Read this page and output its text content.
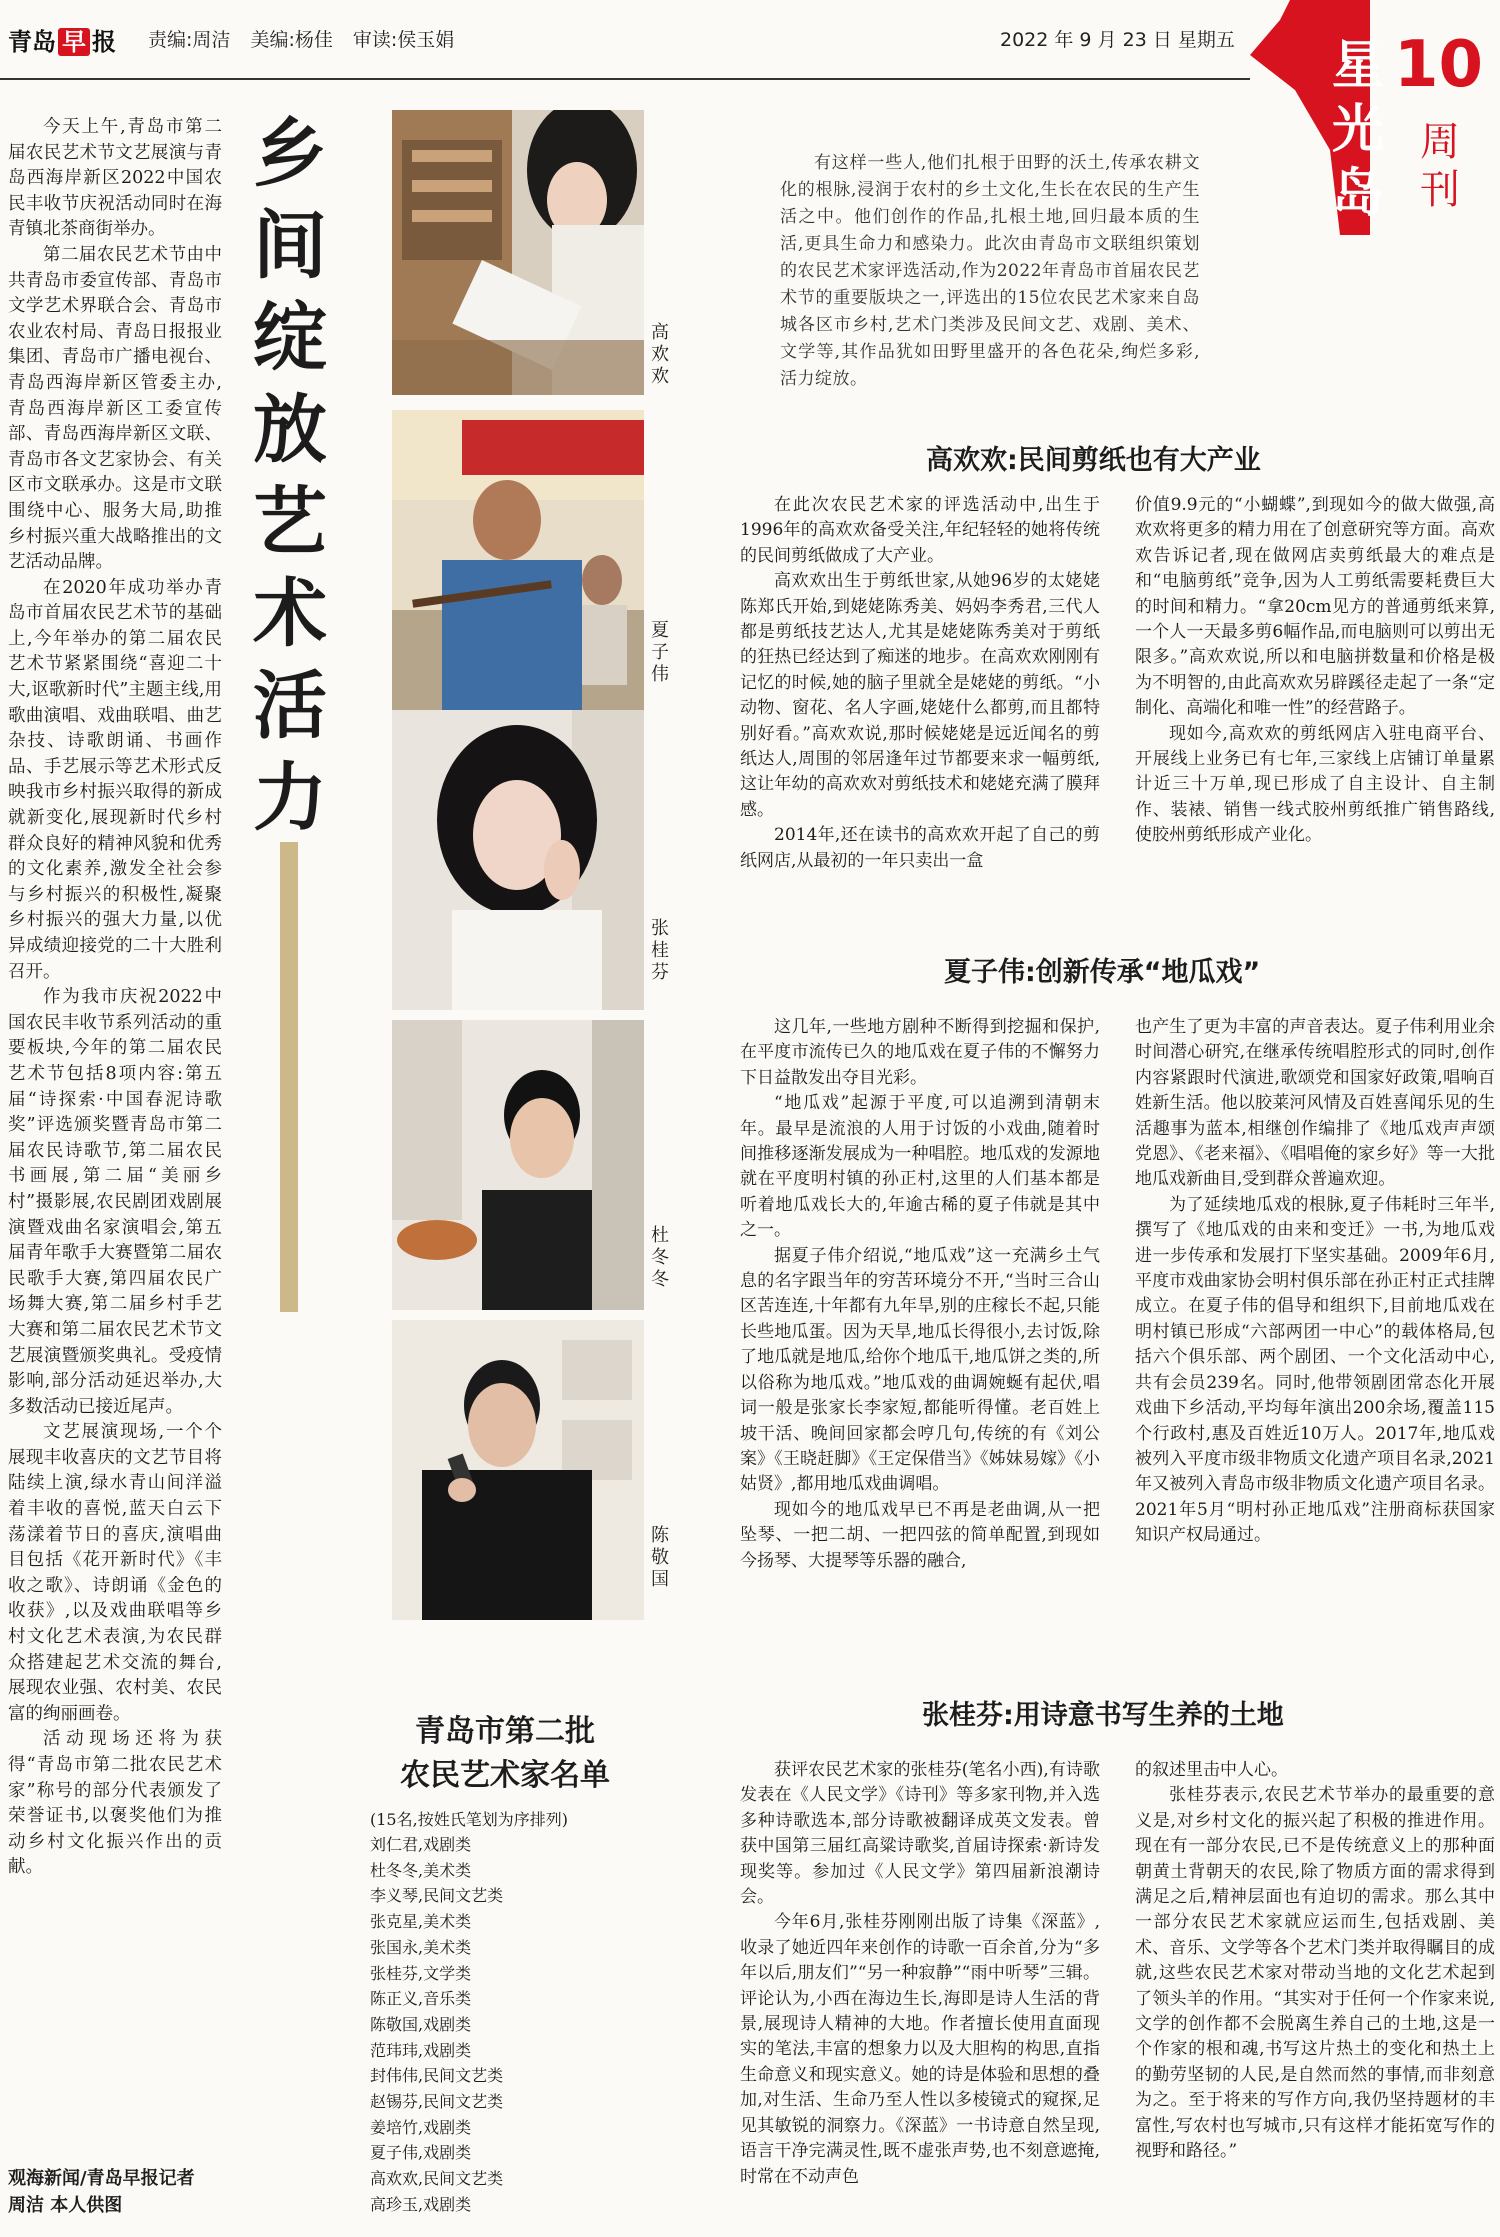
青岛 早 报 责编:周洁 美编:杨佳 审读:侯玉娟	2022 年 9 月 23 日 星期五 星光岛
10
周刊

今天上午,青岛市第二届农民艺术节文艺展演与青岛西海岸新区2022中国农民丰收节庆祝活动同时在海青镇北茶商街举办。

第二届农民艺术节由中共青岛市委宣传部、青岛市文学艺术界联合会、青岛市农业农村局、青岛日报报业集团、青岛市广播电视台、青岛西海岸新区管委主办,青岛西海岸新区工委宣传部、青岛西海岸新区文联、青岛市各文艺家协会、有关区市文联承办。这是市文联围绕中心、服务大局,助推乡村振兴重大战略推出的文艺活动品牌。

在2020年成功举办青岛市首届农民艺术节的基础上,今年举办的第二届农民艺术节紧紧围绕“喜迎二十大,讴歌新时代”主题主线,用歌曲演唱、戏曲联唱、曲艺杂技、诗歌朗诵、书画作品、手艺展示等艺术形式反映我市乡村振兴取得的新成就新变化,展现新时代乡村群众良好的精神风貌和优秀的文化素养,激发全社会参与乡村振兴的积极性,凝聚乡村振兴的强大力量,以优异成绩迎接党的二十大胜利召开。

作为我市庆祝2022中国农民丰收节系列活动的重要板块,今年的第二届农民艺术节包括8项内容:第五届“诗探索·中国春泥诗歌奖”评选颁奖暨青岛市第二届农民诗歌节,第二届农民书画展,第二届“美丽乡村”摄影展,农民剧团戏剧展演暨戏曲名家演唱会,第五届青年歌手大赛暨第二届农民歌手大赛,第四届农民广场舞大赛,第二届乡村手艺大赛和第二届农民艺术节文艺展演暨颁奖典礼。受疫情影响,部分活动延迟举办,大多数活动已接近尾声。

文艺展演现场,一个个展现丰收喜庆的文艺节目将陆续上演,绿水青山间洋溢着丰收的喜悦,蓝天白云下荡漾着节日的喜庆,演唱曲目包括《花开新时代》《丰收之歌》、诗朗诵《金色的收获》,以及戏曲联唱等乡村文化艺术表演,为农民群众搭建起艺术交流的舞台,展现农业强、农村美、农民富的绚丽画卷。

活动现场还将为获得“青岛市第二批农民艺术家”称号的部分代表颁发了荣誉证书,以褒奖他们为推动乡村文化振兴作出的贡献。

观海新闻/青岛早报记者
周洁 本人供图
乡间绽放艺术活力
高欢欢
夏子伟
张桂芬
杜冬冬
陈敬国
青岛市第二批
农民艺术家名单
(15名,按姓氏笔划为序排列)
刘仁君,戏剧类
杜冬冬,美术类
李义琴,民间文艺类
张克星,美术类
张国永,美术类
张桂芬,文学类
陈正义,音乐类
陈敬国,戏剧类
范玮玮,戏剧类
封伟伟,民间文艺类
赵锡芬,民间文艺类
姜培竹,戏剧类
夏子伟,戏剧类
高欢欢,民间文艺类
高珍玉,戏剧类
有这样一些人,他们扎根于田野的沃土,传承农耕文化的根脉,浸润于农村的乡土文化,生长在农民的生产生活之中。他们创作的作品,扎根土地,回归最本质的生活,更具生命力和感染力。此次由青岛市文联组织策划的农民艺术家评选活动,作为2022年青岛市首届农民艺术节的重要版块之一,评选出的15位农民艺术家来自岛城各区市乡村,艺术门类涉及民间文艺、戏剧、美术、文学等,其作品犹如田野里盛开的各色花朵,绚烂多彩,活力绽放。
高欢欢:民间剪纸也有大产业

在此次农民艺术家的评选活动中,出生于1996年的高欢欢备受关注,年纪轻轻的她将传统的民间剪纸做成了大产业。

高欢欢出生于剪纸世家,从她96岁的太姥姥陈郑氏开始,到姥姥陈秀美、妈妈李秀君,三代人都是剪纸技艺达人,尤其是姥姥陈秀美对于剪纸的狂热已经达到了痴迷的地步。在高欢欢刚刚有记忆的时候,她的脑子里就全是姥姥的剪纸。“小动物、窗花、名人字画,姥姥什么都剪,而且都特别好看。”高欢欢说,那时候姥姥是远近闻名的剪纸达人,周围的邻居逢年过节都要来求一幅剪纸,这让年幼的高欢欢对剪纸技术和姥姥充满了膜拜感。

2014年,还在读书的高欢欢开起了自己的剪纸网店,从最初的一年只卖出一盒

价值9.9元的“小蝴蝶”,到现如今的做大做强,高欢欢将更多的精力用在了创意研究等方面。高欢欢告诉记者,现在做网店卖剪纸最大的难点是和“电脑剪纸”竞争,因为人工剪纸需要耗费巨大的时间和精力。“拿20cm见方的普通剪纸来算,一个人一天最多剪6幅作品,而电脑则可以剪出无限多。”高欢欢说,所以和电脑拼数量和价格是极为不明智的,由此高欢欢另辟蹊径走起了一条“定制化、高端化和唯一性”的经营路子。

现如今,高欢欢的剪纸网店入驻电商平台、开展线上业务已有七年,三家线上店铺订单量累计近三十万单,现已形成了自主设计、自主制作、装裱、销售一线式胶州剪纸推广销售路线,使胶州剪纸形成产业化。

夏子伟:创新传承“地瓜戏”

这几年,一些地方剧种不断得到挖掘和保护,在平度市流传已久的地瓜戏在夏子伟的不懈努力下日益散发出夺目光彩。

“地瓜戏”起源于平度,可以追溯到清朝末年。最早是流浪的人用于讨饭的小戏曲,随着时间推移逐渐发展成为一种唱腔。地瓜戏的发源地就在平度明村镇的孙正村,这里的人们基本都是听着地瓜戏长大的,年逾古稀的夏子伟就是其中之一。

据夏子伟介绍说,“地瓜戏”这一充满乡土气息的名字跟当年的穷苦环境分不开,“当时三合山区苦连连,十年都有九年旱,别的庄稼长不起,只能长些地瓜蛋。因为天旱,地瓜长得很小,去讨饭,除了地瓜就是地瓜,给你个地瓜干,地瓜饼之类的,所以俗称为地瓜戏。”地瓜戏的曲调婉蜒有起伏,唱词一般是张家长李家短,都能听得懂。老百姓上坡干活、晚间回家都会哼几句,传统的有《刘公案》《王晓赶脚》《王定保借当》《姊妹易嫁》《小姑贤》,都用地瓜戏曲调唱。

现如今的地瓜戏早已不再是老曲调,从一把坠琴、一把二胡、一把四弦的简单配置,到现如今扬琴、大提琴等乐器的融合,

也产生了更为丰富的声音表达。夏子伟利用业余时间潜心研究,在继承传统唱腔形式的同时,创作内容紧跟时代演进,歌颂党和国家好政策,唱响百姓新生活。他以胶莱河风情及百姓喜闻乐见的生活趣事为蓝本,相继创作编排了《地瓜戏声声颂党恩》、《老来福》、《唱唱俺的家乡好》等一大批地瓜戏新曲目,受到群众普遍欢迎。

为了延续地瓜戏的根脉,夏子伟耗时三年半,撰写了《地瓜戏的由来和变迁》一书,为地瓜戏进一步传承和发展打下坚实基础。2009年6月,平度市戏曲家协会明村俱乐部在孙正村正式挂牌成立。在夏子伟的倡导和组织下,目前地瓜戏在明村镇已形成“六部两团一中心”的载体格局,包括六个俱乐部、两个剧团、一个文化活动中心,共有会员239名。同时,他带领剧团常态化开展戏曲下乡活动,平均每年演出200余场,覆盖115个行政村,惠及百姓近10万人。2017年,地瓜戏被列入平度市级非物质文化遗产项目名录,2021年又被列入青岛市级非物质文化遗产项目名录。2021年5月“明村孙正地瓜戏”注册商标获国家知识产权局通过。

张桂芬:用诗意书写生养的土地

获评农民艺术家的张桂芬(笔名小西),有诗歌发表在《人民文学》《诗刊》等多家刊物,并入选多种诗歌选本,部分诗歌被翻译成英文发表。曾获中国第三届红高粱诗歌奖,首届诗探索·新诗发现奖等。参加过《人民文学》第四届新浪潮诗会。

今年6月,张桂芬刚刚出版了诗集《深蓝》,收录了她近四年来创作的诗歌一百余首,分为“多年以后,朋友们”“另一种寂静”“雨中听琴”三辑。评论认为,小西在海边生长,海即是诗人生活的背景,展现诗人精神的大地。作者擅长使用直面现实的笔法,丰富的想象力以及大胆构的构思,直指生命意义和现实意义。她的诗是体验和思想的叠加,对生活、生命乃至人性以多棱镜式的窥探,足见其敏锐的洞察力。《深蓝》一书诗意自然呈现,语言干净完满灵性,既不虚张声势,也不刻意遮掩,时常在不动声色

的叙述里击中人心。

张桂芬表示,农民艺术节举办的最重要的意义是,对乡村文化的振兴起了积极的推进作用。现在有一部分农民,已不是传统意义上的那种面朝黄土背朝天的农民,除了物质方面的需求得到满足之后,精神层面也有迫切的需求。那么其中一部分农民艺术家就应运而生,包括戏剧、美术、音乐、文学等各个艺术门类并取得瞩目的成就,这些农民艺术家对带动当地的文化艺术起到了领头羊的作用。“其实对于任何一个作家来说,文学的创作都不会脱离生养自己的土地,这是一个作家的根和魂,书写这片热土的变化和热土上的勤劳坚韧的人民,是自然而然的事情,而非刻意为之。至于将来的写作方向,我仍坚持题材的丰富性,写农村也写城市,只有这样才能拓宽写作的视野和路径。”
